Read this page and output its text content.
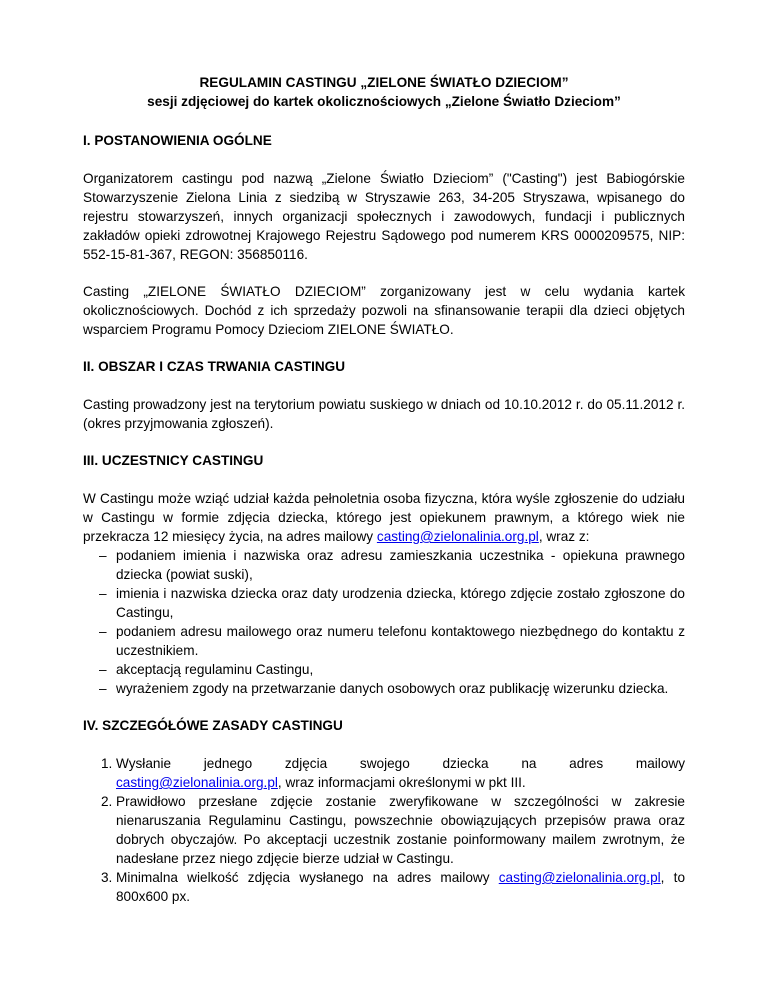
REGULAMIN CASTINGU „ZIELONE ŚWIATŁO DZIECIOM”

sesji zdjęciowej do kartek okolicznościowych „Zielone Światło Dzieciom”

I. POSTANOWIENIA OGÓLNE

Organizatorem castingu pod nazwą „Zielone Światło Dzieciom” ("Casting") jest Babiogórskie Stowarzyszenie Zielona Linia z siedzibą w Stryszawie 263, 34-205 Stryszawa, wpisanego do rejestru stowarzyszeń, innych organizacji społecznych i zawodowych, fundacji i publicznych zakładów opieki zdrowotnej Krajowego Rejestru Sądowego pod numerem KRS 0000209575, NIP: 552-15-81-367, REGON: 356850116.

Casting „ZIELONE ŚWIATŁO DZIECIOM” zorganizowany jest w celu wydania kartek okolicznościowych. Dochód z ich sprzedaży pozwoli na sfinansowanie terapii dla dzieci objętych wsparciem Programu Pomocy Dzieciom ZIELONE ŚWIATŁO.

II. OBSZAR I CZAS TRWANIA CASTINGU

Casting prowadzony jest na terytorium powiatu suskiego w dniach od 10.10.2012 r. do 05.11.2012 r. (okres przyjmowania zgłoszeń).

III. UCZESTNICY CASTINGU

W Castingu może wziąć udział każda pełnoletnia osoba fizyczna, która wyśle zgłoszenie do udziału w Castingu w formie zdjęcia dziecka, którego jest opiekunem prawnym, a którego wiek nie przekracza 12 miesięcy życia, na adres mailowy casting@zielonalinia.org.pl, wraz z:

– podaniem imienia i nazwiska oraz adresu zamieszkania uczestnika - opiekuna prawnego dziecka (powiat suski),
– imienia i nazwiska dziecka oraz daty urodzenia dziecka, którego zdjęcie zostało zgłoszone do Castingu,
– podaniem adresu mailowego oraz numeru telefonu kontaktowego niezbędnego do kontaktu z uczestnikiem.
– akceptacją regulaminu Castingu,
– wyrażeniem zgody na przetwarzanie danych osobowych oraz publikację wizerunku dziecka.
IV. SZCZEGÓŁÓWE ZASADY CASTINGU
1. Wysłanie jednego zdjęcia swojego dziecka na adres mailowy
casting@zielonalinia.org.pl, wraz informacjami określonymi w pkt III.
2. Prawidłowo przesłane zdjęcie zostanie zweryfikowane w szczególności w zakresie nienaruszania Regulaminu Castingu, powszechnie obowiązujących przepisów prawa oraz dobrych obyczajów. Po akceptacji uczestnik zostanie poinformowany mailem zwrotnym, że nadesłane przez niego zdjęcie bierze udział w Castingu.
3. Minimalna wielkość zdjęcia wysłanego na adres mailowy casting@zielonalinia.org.pl, to 800x600 px.
